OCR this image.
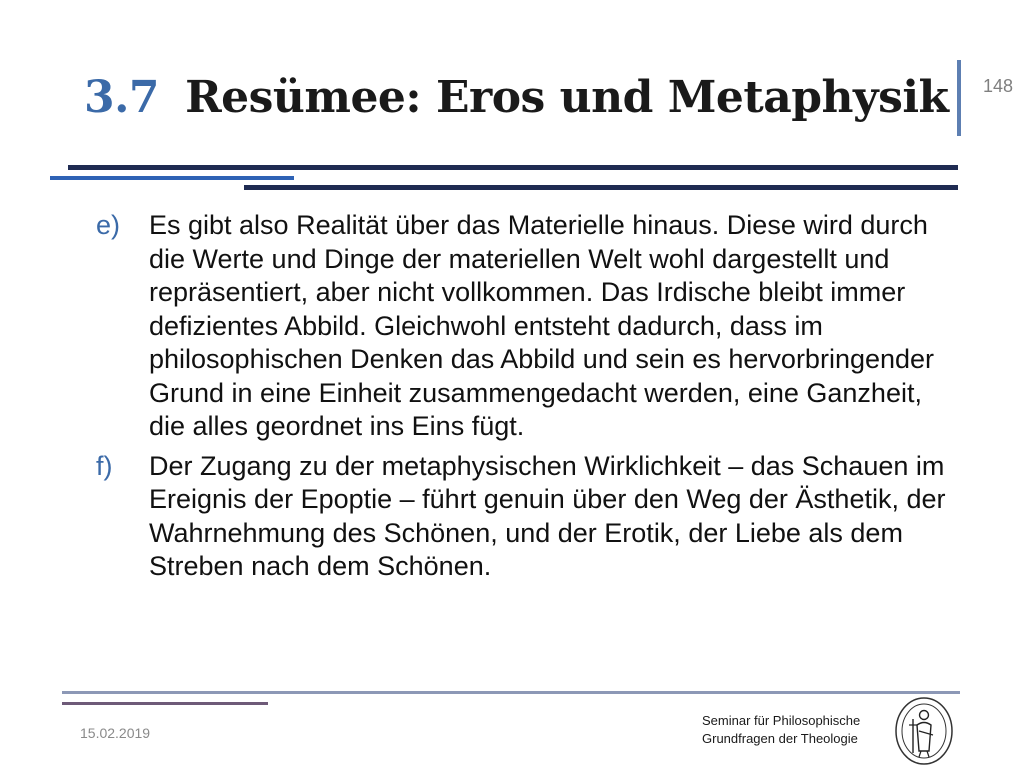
3.7 Resümee: Eros und Metaphysik 148
e)	Es gibt also Realität über das Materielle hinaus. Diese wird durch die Werte und Dinge der materiellen Welt wohl dargestellt und repräsentiert, aber nicht vollkommen. Das Irdische bleibt immer defizientes Abbild. Gleichwohl entsteht dadurch, dass im philosophischen Denken das Abbild und sein es hervorbringender Grund in eine Einheit zusammengedacht werden, eine Ganzheit, die alles geordnet ins Eins fügt.
f)	Der Zugang zu der metaphysischen Wirklichkeit – das Schauen im Ereignis der Epoptie – führt genuin über den Weg der Ästhetik, der Wahrnehmung des Schönen, und der Erotik, der Liebe als dem Streben nach dem Schönen.
15.02.2019
Seminar für Philosophische
Grundfragen der Theologie
